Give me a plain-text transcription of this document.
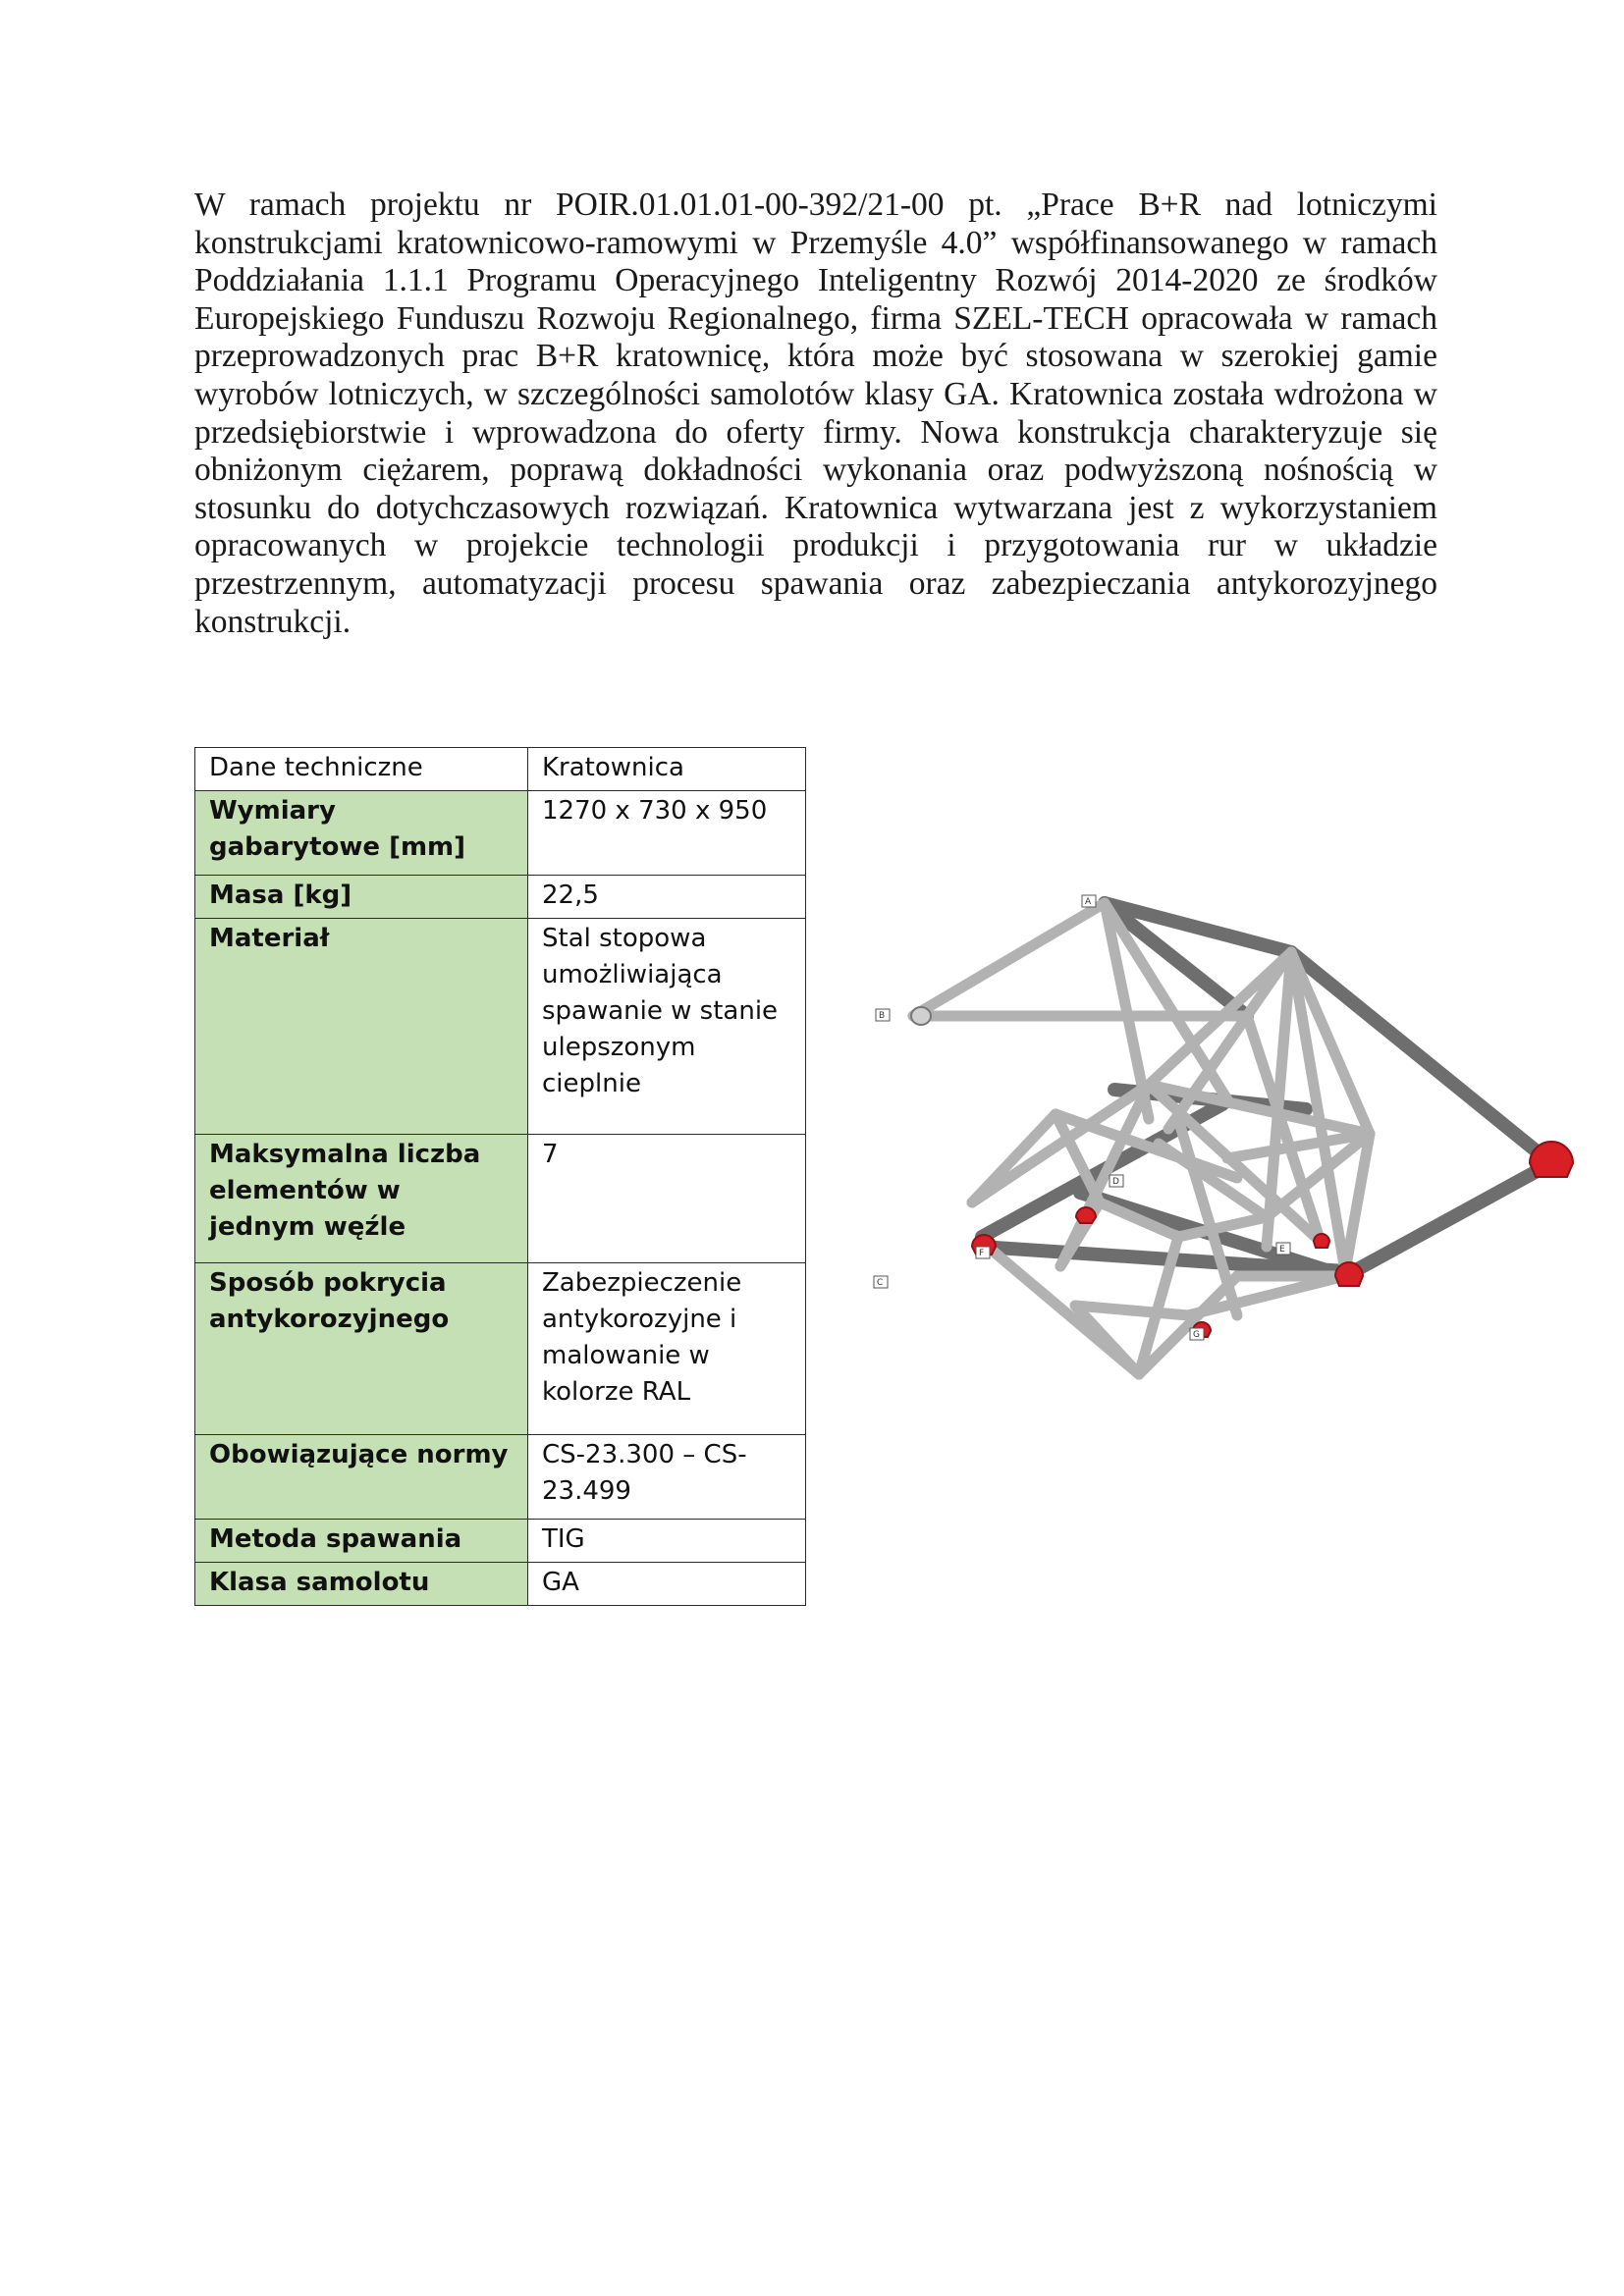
W ramach projektu nr POIR.01.01.01-00-392/21-00 pt. „Prace B+R nad lotniczymi konstrukcjami kratownicowo-ramowymi w Przemyśle 4.0” współfinansowanego w ramach Poddziałania 1.1.1 Programu Operacyjnego Inteligentny Rozwój 2014-2020 ze środków Europejskiego Funduszu Rozwoju Regionalnego, firma SZEL-TECH opracowała w ramach przeprowadzonych prac B+R kratownicę, która może być stosowana w szerokiej gamie wyrobów lotniczych, w szczególności samolotów klasy GA. Kratownica została wdrożona w przedsiębiorstwie i wprowadzona do oferty firmy. Nowa konstrukcja charakteryzuje się obniżonym ciężarem, poprawą dokładności wykonania oraz podwyższoną nośnością w stosunku do dotychczasowych rozwiązań. Kratownica wytwarzana jest z wykorzystaniem opracowanych w projekcie technologii produkcji i przygotowania rur w układzie przestrzennym, automatyzacji procesu spawania oraz zabezpieczania antykorozyjnego konstrukcji.

Dane techniczne	Kratownica
Wymiary gabarytowe [mm]	1270 x 730 x 950
Masa [kg]	22,5
Materiał	Stal stopowa umożliwiająca spawanie w stanie ulepszonym cieplnie
Maksymalna liczba elementów w jednym węźle	7
Sposób pokrycia antykorozyjnego	Zabezpieczenie antykorozyjne i malowanie w kolorze RAL
Obowiązujące normy	CS-23.300 – CS-23.499
Metoda spawania	TIG
Klasa samolotu	GA
A
B
C
D
E
F
G
